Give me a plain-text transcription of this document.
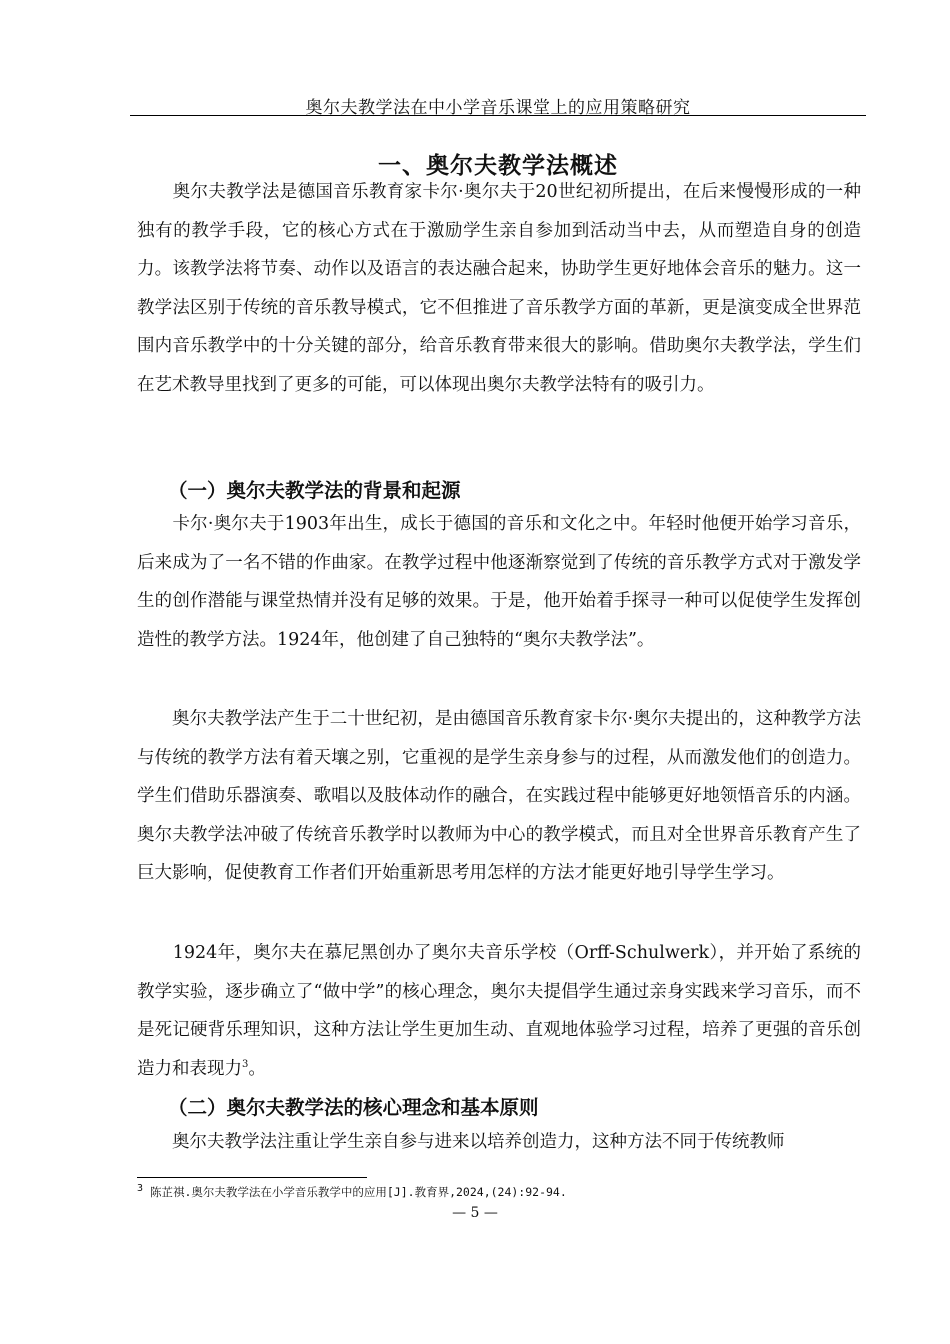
奥尔夫教学法在中小学音乐课堂上的应用策略研究
一、奥尔夫教学法概述

　　奥尔夫教学法是德国音乐教育家卡尔·奥尔夫于20世纪初所提出，在后来慢慢形成的一种独有的教学手段，它的核心方式在于激励学生亲自参加到活动当中去，从而塑造自身的创造力。该教学法将节奏、动作以及语言的表达融合起来，协助学生更好地体会音乐的魅力。这一教学法区别于传统的音乐教导模式，它不但推进了音乐教学方面的革新，更是演变成全世界范围内音乐教学中的十分关键的部分，给音乐教育带来很大的影响。借助奥尔夫教学法，学生们在艺术教导里找到了更多的可能，可以体现出奥尔夫教学法特有的吸引力。

（一）奥尔夫教学法的背景和起源

　　卡尔·奥尔夫于1903年出生，成长于德国的音乐和文化之中。年轻时他便开始学习音乐，后来成为了一名不错的作曲家。在教学过程中他逐渐察觉到了传统的音乐教学方式对于激发学生的创作潜能与课堂热情并没有足够的效果。于是，他开始着手探寻一种可以促使学生发挥创造性的教学方法。1924年，他创建了自己独特的“奥尔夫教学法”。

　　奥尔夫教学法产生于二十世纪初，是由德国音乐教育家卡尔·奥尔夫提出的，这种教学方法与传统的教学方法有着天壤之别，它重视的是学生亲身参与的过程，从而激发他们的创造力。学生们借助乐器演奏、歌唱以及肢体动作的融合，在实践过程中能够更好地领悟音乐的内涵。奥尔夫教学法冲破了传统音乐教学时以教师为中心的教学模式，而且对全世界音乐教育产生了巨大影响，促使教育工作者们开始重新思考用怎样的方法才能更好地引导学生学习。

　　1924年，奥尔夫在慕尼黑创办了奥尔夫音乐学校（Orff-Schulwerk），并开始了系统的教学实验，逐步确立了“做中学”的核心理念，奥尔夫提倡学生通过亲身实践来学习音乐，而不是死记硬背乐理知识，这种方法让学生更加生动、直观地体验学习过程，培养了更强的音乐创造力和表现力$^3$。

（二）奥尔夫教学法的核心理念和基本原则

　　奥尔夫教学法注重让学生亲自参与进来以培养创造力，这种方法不同于传统教师

$^3$ 陈芷祺.奥尔夫教学法在小学音乐教学中的应用[J].教育界,2024,(24):92-94.

— 5 —
